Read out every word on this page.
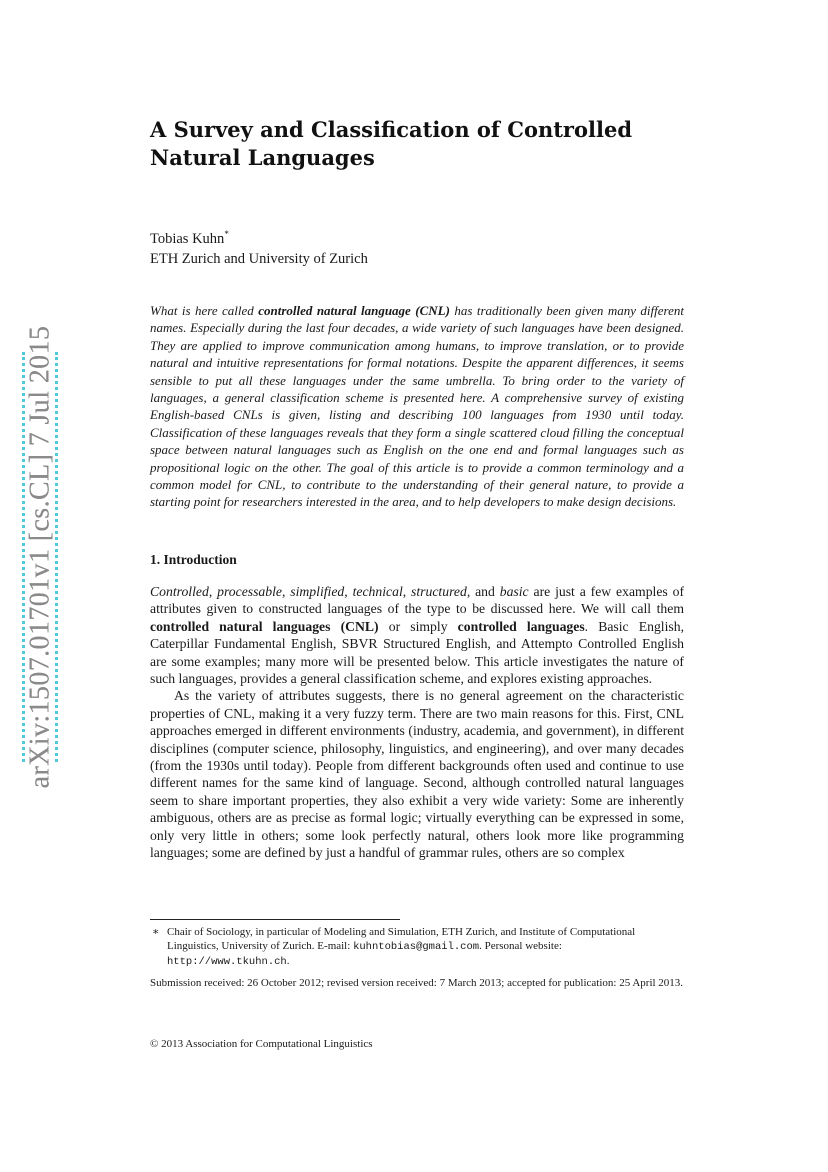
arXiv:1507.01701v1 [cs.CL] 7 Jul 2015
A Survey and Classification of Controlled Natural Languages
Tobias Kuhn*
ETH Zurich and University of Zurich
What is here called controlled natural language (CNL) has traditionally been given many different names. Especially during the last four decades, a wide variety of such languages have been designed. They are applied to improve communication among humans, to improve translation, or to provide natural and intuitive representations for formal notations. Despite the apparent differences, it seems sensible to put all these languages under the same umbrella. To bring order to the variety of languages, a general classification scheme is presented here. A comprehensive survey of existing English-based CNLs is given, listing and describing 100 languages from 1930 until today. Classification of these languages reveals that they form a single scattered cloud filling the conceptual space between natural languages such as English on the one end and formal languages such as propositional logic on the other. The goal of this article is to provide a common terminology and a common model for CNL, to contribute to the understanding of their general nature, to provide a starting point for researchers interested in the area, and to help developers to make design decisions.
1. Introduction

Controlled, processable, simplified, technical, structured, and basic are just a few examples of attributes given to constructed languages of the type to be discussed here. We will call them controlled natural languages (CNL) or simply controlled languages. Basic English, Caterpillar Fundamental English, SBVR Structured English, and Attempto Controlled English are some examples; many more will be presented below. This article investigates the nature of such languages, provides a general classification scheme, and explores existing approaches.

As the variety of attributes suggests, there is no general agreement on the characteristic properties of CNL, making it a very fuzzy term. There are two main reasons for this. First, CNL approaches emerged in different environments (industry, academia, and government), in different disciplines (computer science, philosophy, linguistics, and engineering), and over many decades (from the 1930s until today). People from different backgrounds often used and continue to use different names for the same kind of language. Second, although controlled natural languages seem to share important properties, they also exhibit a very wide variety: Some are inherently ambiguous, others are as precise as formal logic; virtually everything can be expressed in some, only very little in others; some look perfectly natural, others look more like programming languages; some are defined by just a handful of grammar rules, others are so complex

∗ Chair of Sociology, in particular of Modeling and Simulation, ETH Zurich, and Institute of Computational Linguistics, University of Zurich. E-mail: kuhntobias@gmail.com. Personal website: http://www.tkuhn.ch.
Submission received: 26 October 2012; revised version received: 7 March 2013; accepted for publication: 25 April 2013.
© 2013 Association for Computational Linguistics
